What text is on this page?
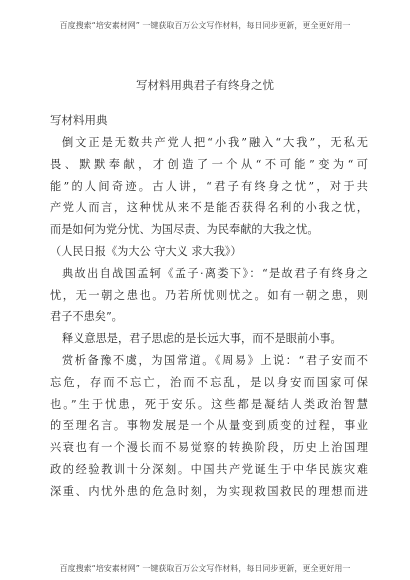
百度搜索“培安素材网” 一键获取百万公文写作材料，每日同步更新，更全更好用一
写材料用典君子有终身之忧
写材料用典
倒文正是无数共产党人把“小我”融入“大我”，无私无
畏、默默奉献，才创造了一个从“不可能”变为“可
能”的人间奇迹。古人讲，“君子有终身之忧”，对于共
产党人而言，这种忧从来不是能否获得名利的小我之忧，
而是如何为党分忧、为国尽责、为民奉献的大我之忧。
（人民日报《为大公 守大义 求大我》）
典故出自战国孟轲《孟子·离娄下》：“是故君子有终身之
忧，无一朝之患也。乃若所忧则忧之。如有一朝之患，则
君子不患矣”。
释义意思是，君子思虑的是长远大事，而不是眼前小事。
赏析备豫不虞，为国常道。《周易》上说：“君子安而不
忘危，存而不忘亡，治而不忘乱，是以身安而国家可保
也。”生于忧患，死于安乐。这些都是凝结人类政治智慧
的至理名言。事物发展是一个从量变到质变的过程，事业
兴衰也有一个漫长而不易觉察的转换阶段，历史上治国理
政的经验教训十分深刻。中国共产党诞生于中华民族灾难
深重、内忧外患的危急时刻，为实现救国救民的理想而进
百度搜索“培安素材网” 一键获取百万公文写作材料，每日同步更新，更全更好用一
